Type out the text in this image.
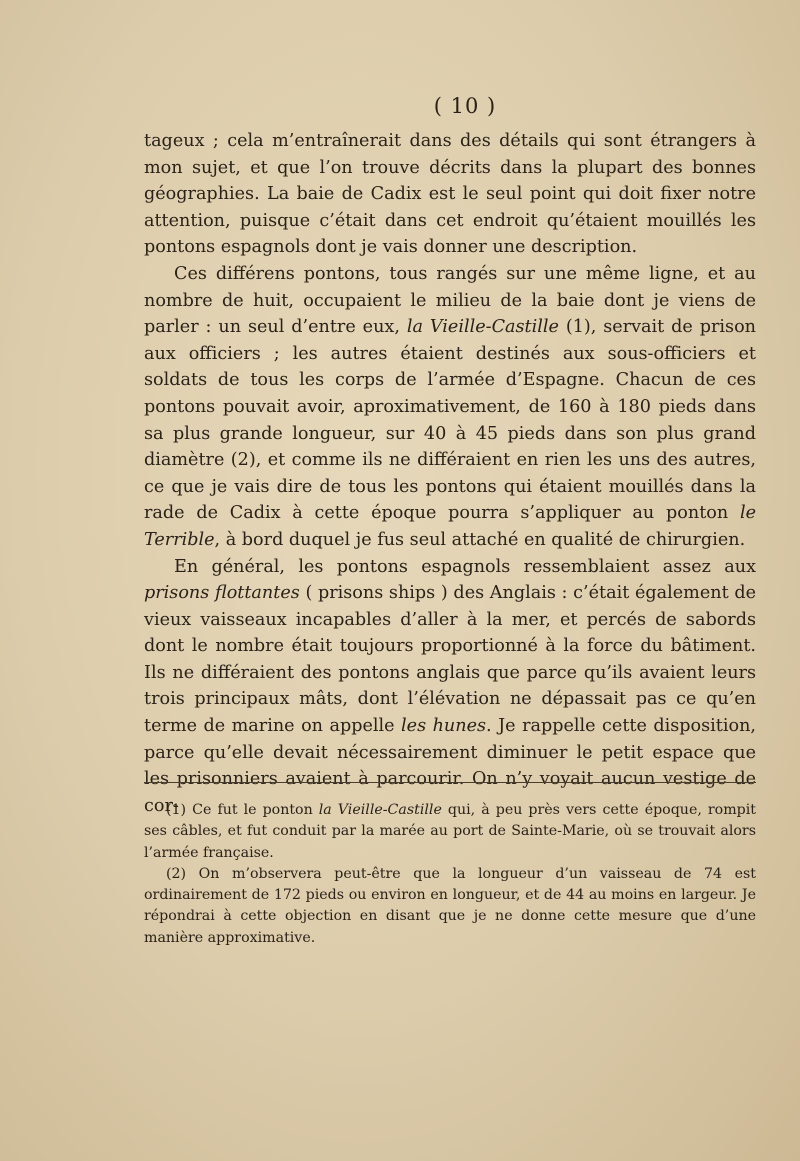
( 10 )

tageux ; cela m’entraînerait dans des détails qui sont étrangers à mon sujet, et que l’on trouve décrits dans la plupart des bonnes géographies. La baie de Cadix est le seul point qui doit fixer notre attention, puisque c’était dans cet endroit qu’étaient mouillés les pontons espagnols dont je vais donner une description.

Ces différens pontons, tous rangés sur une même ligne, et au nombre de huit, occupaient le milieu de la baie dont je viens de parler : un seul d’entre eux, la Vieille-Castille (1), servait de prison aux officiers ; les autres étaient destinés aux sous-officiers et soldats de tous les corps de l’armée d’Espagne. Chacun de ces pontons pouvait avoir, aproximativement, de 160 à 180 pieds dans sa plus grande longueur, sur 40 à 45 pieds dans son plus grand diamètre (2), et comme ils ne différaient en rien les uns des autres, ce que je vais dire de tous les pontons qui étaient mouillés dans la rade de Cadix à cette époque pourra s’appliquer au ponton le Terrible, à bord duquel je fus seul attaché en qualité de chirurgien.

En général, les pontons espagnols ressemblaient assez aux prisons flottantes ( prisons ships ) des Anglais : c’était également de vieux vaisseaux incapables d’aller à la mer, et percés de sabords dont le nombre était toujours proportionné à la force du bâtiment. Ils ne différaient des pontons anglais que parce qu’ils avaient leurs trois principaux mâts, dont l’élévation ne dépassait pas ce qu’en terme de marine on appelle les hunes. Je rappelle cette disposition, parce qu’elle devait nécessairement diminuer le petit espace que les prisonniers avaient à parcourir. On n’y voyait aucun vestige de cor-

(1) Ce fut le ponton la Vieille-Castille qui, à peu près vers cette époque, rompit ses câbles, et fut conduit par la marée au port de Sainte-Marie, où se trouvait alors l’armée française.

(2) On m’observera peut-être que la longueur d’un vaisseau de 74 est ordinairement de 172 pieds ou environ en longueur, et de 44 au moins en largeur. Je répondrai à cette objection en disant que je ne donne cette mesure que d’une manière approximative.
